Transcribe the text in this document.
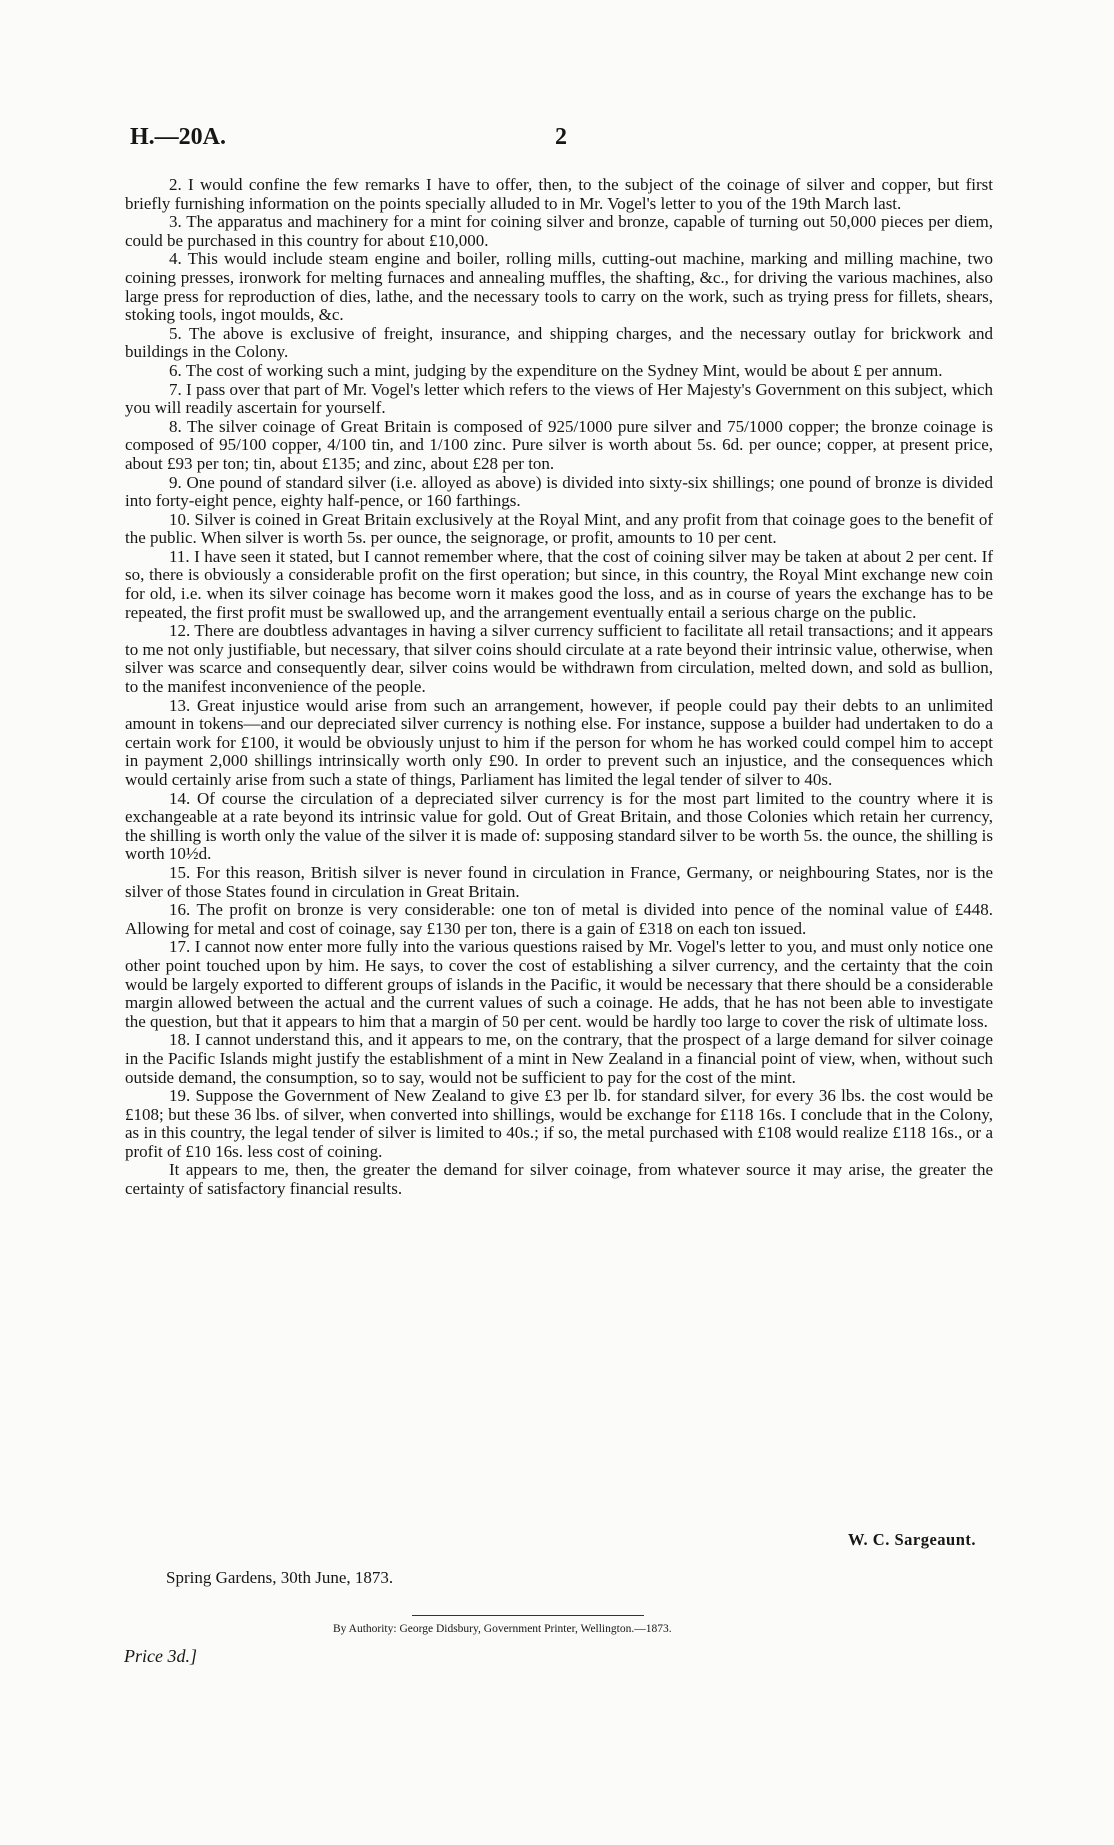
H.—20A.	2

2. I would confine the few remarks I have to offer, then, to the subject of the coinage of silver and copper, but first briefly furnishing information on the points specially alluded to in Mr. Vogel's letter to you of the 19th March last.

3. The apparatus and machinery for a mint for coining silver and bronze, capable of turning out 50,000 pieces per diem, could be purchased in this country for about £10,000.

4. This would include steam engine and boiler, rolling mills, cutting-out machine, marking and milling machine, two coining presses, ironwork for melting furnaces and annealing muffles, the shafting, &c., for driving the various machines, also large press for reproduction of dies, lathe, and the necessary tools to carry on the work, such as trying press for fillets, shears, stoking tools, ingot moulds, &c.

5. The above is exclusive of freight, insurance, and shipping charges, and the necessary outlay for brickwork and buildings in the Colony.

6. The cost of working such a mint, judging by the expenditure on the Sydney Mint, would be about £ per annum.

7. I pass over that part of Mr. Vogel's letter which refers to the views of Her Majesty's Government on this subject, which you will readily ascertain for yourself.

8. The silver coinage of Great Britain is composed of 925/1000 pure silver and 75/1000 copper; the bronze coinage is composed of 95/100 copper, 4/100 tin, and 1/100 zinc. Pure silver is worth about 5s. 6d. per ounce; copper, at present price, about £93 per ton; tin, about £135; and zinc, about £28 per ton.

9. One pound of standard silver (i.e. alloyed as above) is divided into sixty-six shillings; one pound of bronze is divided into forty-eight pence, eighty half-pence, or 160 farthings.

10. Silver is coined in Great Britain exclusively at the Royal Mint, and any profit from that coinage goes to the benefit of the public. When silver is worth 5s. per ounce, the seignorage, or profit, amounts to 10 per cent.

11. I have seen it stated, but I cannot remember where, that the cost of coining silver may be taken at about 2 per cent. If so, there is obviously a considerable profit on the first operation; but since, in this country, the Royal Mint exchange new coin for old, i.e. when its silver coinage has become worn it makes good the loss, and as in course of years the exchange has to be repeated, the first profit must be swallowed up, and the arrangement eventually entail a serious charge on the public.

12. There are doubtless advantages in having a silver currency sufficient to facilitate all retail transactions; and it appears to me not only justifiable, but necessary, that silver coins should circulate at a rate beyond their intrinsic value, otherwise, when silver was scarce and consequently dear, silver coins would be withdrawn from circulation, melted down, and sold as bullion, to the manifest inconvenience of the people.

13. Great injustice would arise from such an arrangement, however, if people could pay their debts to an unlimited amount in tokens—and our depreciated silver currency is nothing else. For instance, suppose a builder had undertaken to do a certain work for £100, it would be obviously unjust to him if the person for whom he has worked could compel him to accept in payment 2,000 shillings intrinsically worth only £90. In order to prevent such an injustice, and the consequences which would certainly arise from such a state of things, Parliament has limited the legal tender of silver to 40s.

14. Of course the circulation of a depreciated silver currency is for the most part limited to the country where it is exchangeable at a rate beyond its intrinsic value for gold. Out of Great Britain, and those Colonies which retain her currency, the shilling is worth only the value of the silver it is made of: supposing standard silver to be worth 5s. the ounce, the shilling is worth 10½d.

15. For this reason, British silver is never found in circulation in France, Germany, or neighbouring States, nor is the silver of those States found in circulation in Great Britain.

16. The profit on bronze is very considerable: one ton of metal is divided into pence of the nominal value of £448. Allowing for metal and cost of coinage, say £130 per ton, there is a gain of £318 on each ton issued.

17. I cannot now enter more fully into the various questions raised by Mr. Vogel's letter to you, and must only notice one other point touched upon by him. He says, to cover the cost of establishing a silver currency, and the certainty that the coin would be largely exported to different groups of islands in the Pacific, it would be necessary that there should be a considerable margin allowed between the actual and the current values of such a coinage. He adds, that he has not been able to investigate the question, but that it appears to him that a margin of 50 per cent. would be hardly too large to cover the risk of ultimate loss.

18. I cannot understand this, and it appears to me, on the contrary, that the prospect of a large demand for silver coinage in the Pacific Islands might justify the establishment of a mint in New Zealand in a financial point of view, when, without such outside demand, the consumption, so to say, would not be sufficient to pay for the cost of the mint.

19. Suppose the Government of New Zealand to give £3 per lb. for standard silver, for every 36 lbs. the cost would be £108; but these 36 lbs. of silver, when converted into shillings, would be exchange for £118 16s. I conclude that in the Colony, as in this country, the legal tender of silver is limited to 40s.; if so, the metal purchased with £108 would realize £118 16s., or a profit of £10 16s. less cost of coining.

It appears to me, then, the greater the demand for silver coinage, from whatever source it may arise, the greater the certainty of satisfactory financial results.

W. C. Sargeaunt.
Spring Gardens, 30th June, 1873.
By Authority: George Didsbury, Government Printer, Wellington.—1873.
Price 3d.]
